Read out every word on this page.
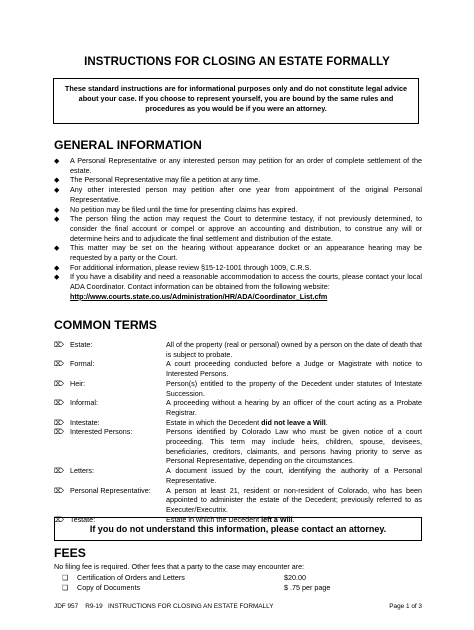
INSTRUCTIONS FOR CLOSING AN ESTATE FORMALLY
These standard instructions are for informational purposes only and do not constitute legal advice about your case. If you choose to represent yourself, you are bound by the same rules and procedures as you would be if you were an attorney.
GENERAL INFORMATION
◆ A Personal Representative or any interested person may petition for an order of complete settlement of the estate.
◆ The Personal Representative may file a petition at any time.
◆ Any other interested person may petition after one year from appointment of the original Personal Representative.
◆ No petition may be filed until the time for presenting claims has expired.
◆ The person filing the action may request the Court to determine testacy, if not previously determined, to consider the final account or compel or approve an accounting and distribution, to construe any will or determine heirs and to adjudicate the final settlement and distribution of the estate.
◆ This matter may be set on the hearing without appearance docket or an appearance hearing may be requested by a party or the Court.
◆ For additional information, please review §15-12-1001 through 1009, C.R.S.
◆ If you have a disability and need a reasonable accommodation to access the courts, please contact your local ADA Coordinator. Contact information can be obtained from the following website:
http://www.courts.state.co.us/Administration/HR/ADA/Coordinator_List.cfm
COMMON TERMS
⌦ Estate:	All of the property (real or personal) owned by a person on the date of death that is subject to probate.
⌦ Formal:	A court proceeding conducted before a Judge or Magistrate with notice to Interested Persons.
⌦ Heir:	Person(s) entitled to the property of the Decedent under statutes of Intestate Succession.
⌦ Informal:	A proceeding without a hearing by an officer of the court acting as a Probate Registrar.
⌦ Intestate:	Estate in which the Decedent did not leave a Will.
⌦ Interested Persons:	Persons identified by Colorado Law who must be given notice of a court proceeding. This term may include heirs, children, spouse, devisees, beneficiaries, creditors, claimants, and persons having priority to serve as Personal Representative, depending on the circumstances.
⌦ Letters:	A document issued by the court, identifying the authority of a Personal Representative.
⌦ Personal Representative: A person at least 21, resident or non-resident of Colorado, who has been appointed to administer the estate of the Decedent; previously referred to as Executer/Executrix.
⌦ Testate:	Estate in which the Decedent left a Will.
If you do not understand this information, please contact an attorney.
FEES
No filing fee is required. Other fees that a party to the case may encounter are:
❑ Certification of Orders and Letters	$20.00
❑ Copy of Documents	$ .75 per page
JDF 957    R9-19   INSTRUCTIONS FOR CLOSING AN ESTATE FORMALLY	Page 1 of 3
